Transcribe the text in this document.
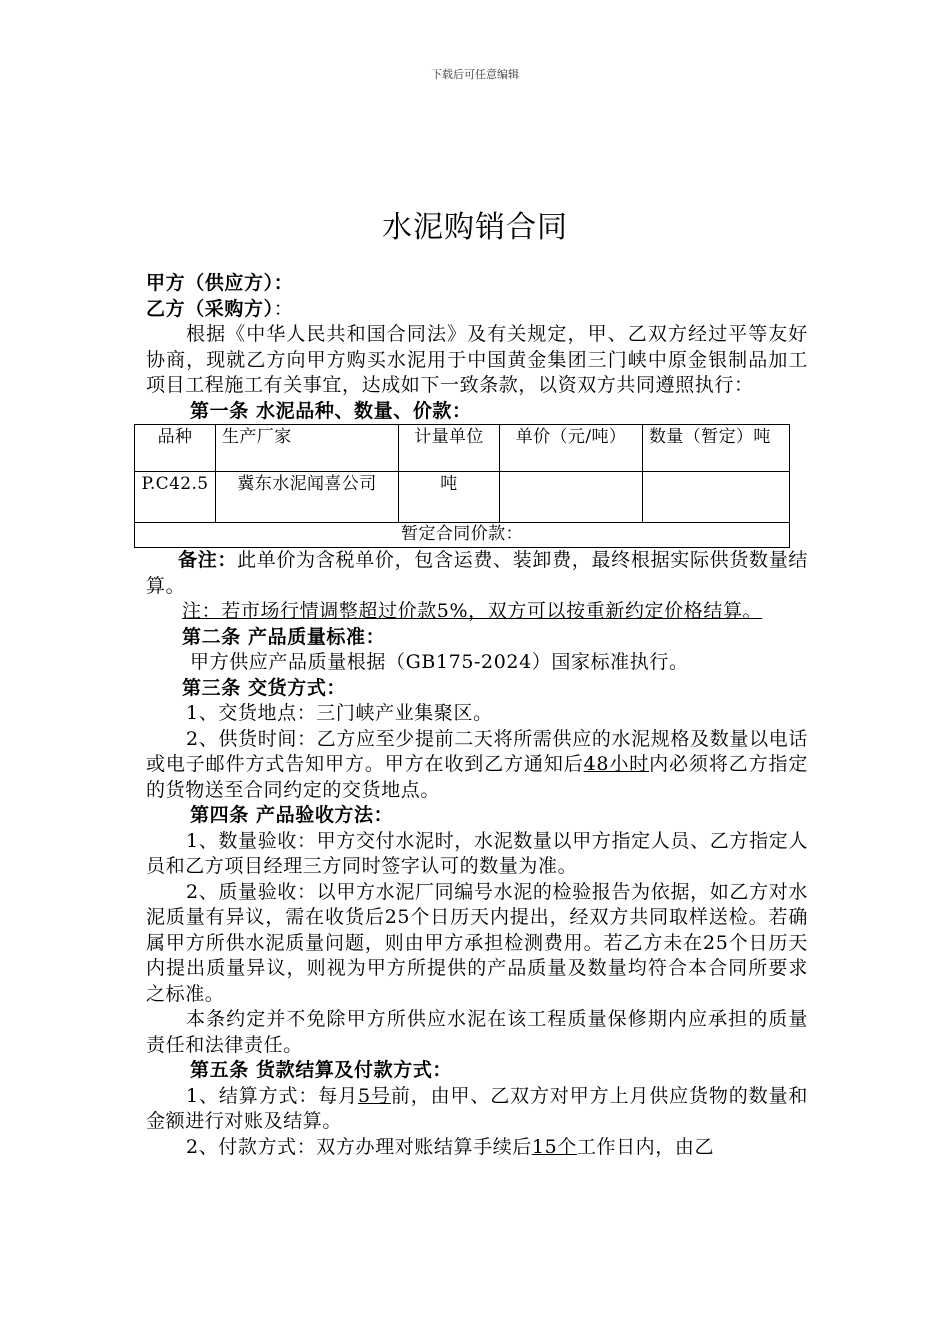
下载后可任意编辑
水泥购销合同

甲方（供应方）：

乙方（采购方）：

根据《中华人民共和国合同法》及有关规定，甲、乙双方经过平等友好协商，现就乙方向甲方购买水泥用于中国黄金集团三门峡中原金银制品加工项目工程施工有关事宜，达成如下一致条款，以资双方共同遵照执行：

第一条 水泥品种、数量、价款：

品种	生产厂家	计量单位	单价（元/吨）	数量（暂定）吨
P.C42.5	冀东水泥闻喜公司	吨		
暂定合同价款：				

备注：此单价为含税单价，包含运费、装卸费，最终根据实际供货数量结算。

注：若市场行情调整超过价款5%，双方可以按重新约定价格结算。

第二条 产品质量标准：

甲方供应产品质量根据（GB175-2024）国家标准执行。

第三条 交货方式：

1、交货地点：三门峡产业集聚区。

2、供货时间：乙方应至少提前二天将所需供应的水泥规格及数量以电话或电子邮件方式告知甲方。甲方在收到乙方通知后48小时内必须将乙方指定的货物送至合同约定的交货地点。

第四条 产品验收方法：

1、数量验收：甲方交付水泥时，水泥数量以甲方指定人员、乙方指定人员和乙方项目经理三方同时签字认可的数量为准。

2、质量验收：以甲方水泥厂同编号水泥的检验报告为依据，如乙方对水泥质量有异议，需在收货后25个日历天内提出，经双方共同取样送检。若确属甲方所供水泥质量问题，则由甲方承担检测费用。若乙方未在25个日历天内提出质量异议，则视为甲方所提供的产品质量及数量均符合本合同所要求之标准。

本条约定并不免除甲方所供应水泥在该工程质量保修期内应承担的质量责任和法律责任。

第五条 货款结算及付款方式：

1、结算方式：每月5号前，由甲、乙双方对甲方上月供应货物的数量和金额进行对账及结算。

2、付款方式：双方办理对账结算手续后15个工作日内，由乙
